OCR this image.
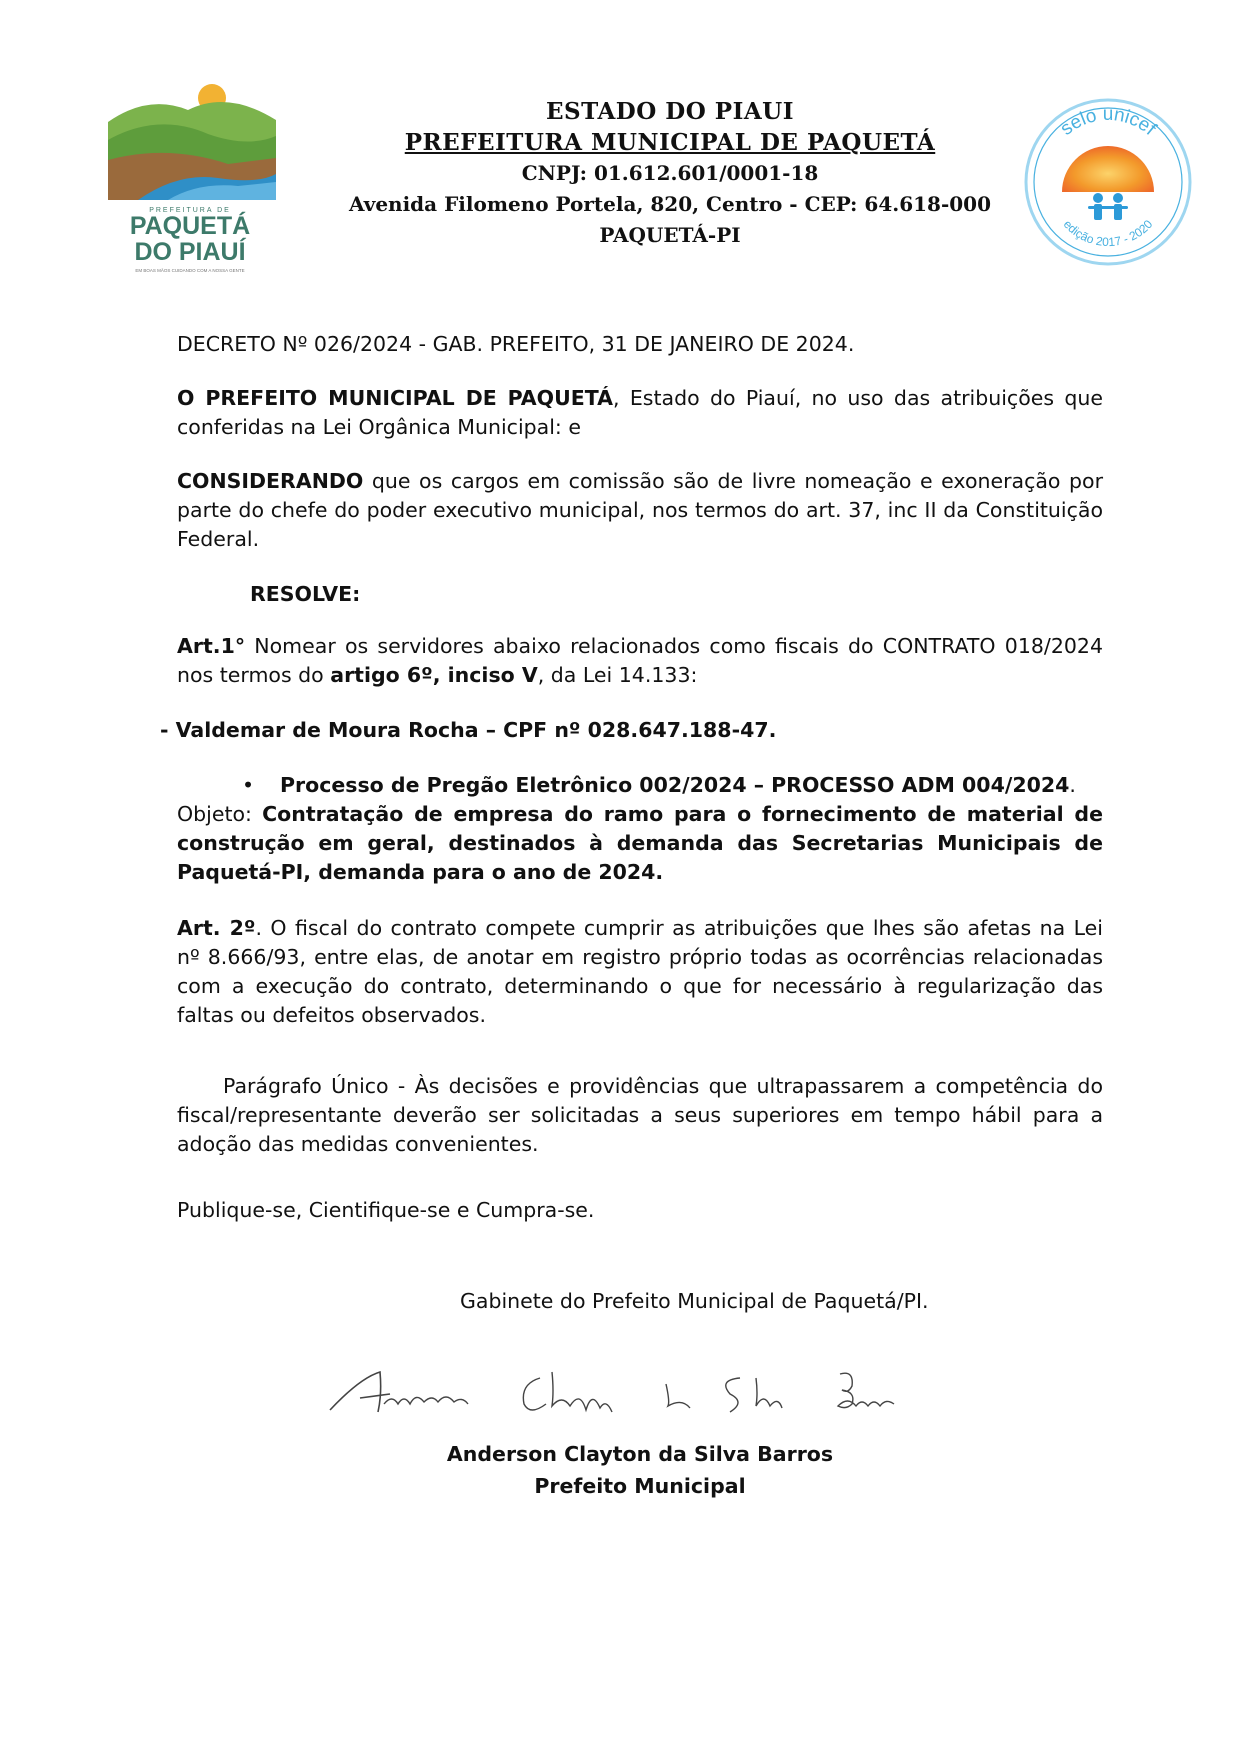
PREFEITURA DE
PAQUETÁ
DO PIAUÍ
EM BOAS MÃOS CUIDANDO COM A NOSSA GENTE
ESTADO DO PIAUI
PREFEITURA MUNICIPAL DE PAQUETÁ
CNPJ: 01.612.601/0001-18
Avenida Filomeno Portela, 820, Centro - CEP: 64.618-000
PAQUETÁ-PI
selo unicef
edição 2017 - 2020
DECRETO Nº 026/2024 - GAB. PREFEITO, 31 DE JANEIRO DE 2024.
O PREFEITO MUNICIPAL DE PAQUETÁ, Estado do Piauí, no uso das atribuições que conferidas na Lei Orgânica Municipal: e
CONSIDERANDO que os cargos em comissão são de livre nomeação e exoneração por parte do chefe do poder executivo municipal, nos termos do art. 37, inc II da Constituição Federal.
RESOLVE:
Art.1° Nomear os servidores abaixo relacionados como fiscais do CONTRATO 018/2024 nos termos do artigo 6º, inciso V, da Lei 14.133:
- Valdemar de Moura Rocha – CPF nº 028.647.188-47.
• Processo de Pregão Eletrônico 002/2024 – PROCESSO ADM 004/2024.
Objeto: Contratação de empresa do ramo para o fornecimento de material de construção em geral, destinados à demanda das Secretarias Municipais de Paquetá-PI, demanda para o ano de 2024.
Art. 2º. O fiscal do contrato compete cumprir as atribuições que lhes são afetas na Lei nº 8.666/93, entre elas, de anotar em registro próprio todas as ocorrências relacionadas com a execução do contrato, determinando o que for necessário à regularização das faltas ou defeitos observados.
Parágrafo Único - Às decisões e providências que ultrapassarem a competência do fiscal/representante deverão ser solicitadas a seus superiores em tempo hábil para a adoção das medidas convenientes.
Publique-se, Cientifique-se e Cumpra-se.
Gabinete do Prefeito Municipal de Paquetá/PI.
Anderson Clayton da Silva Barros
Prefeito Municipal
